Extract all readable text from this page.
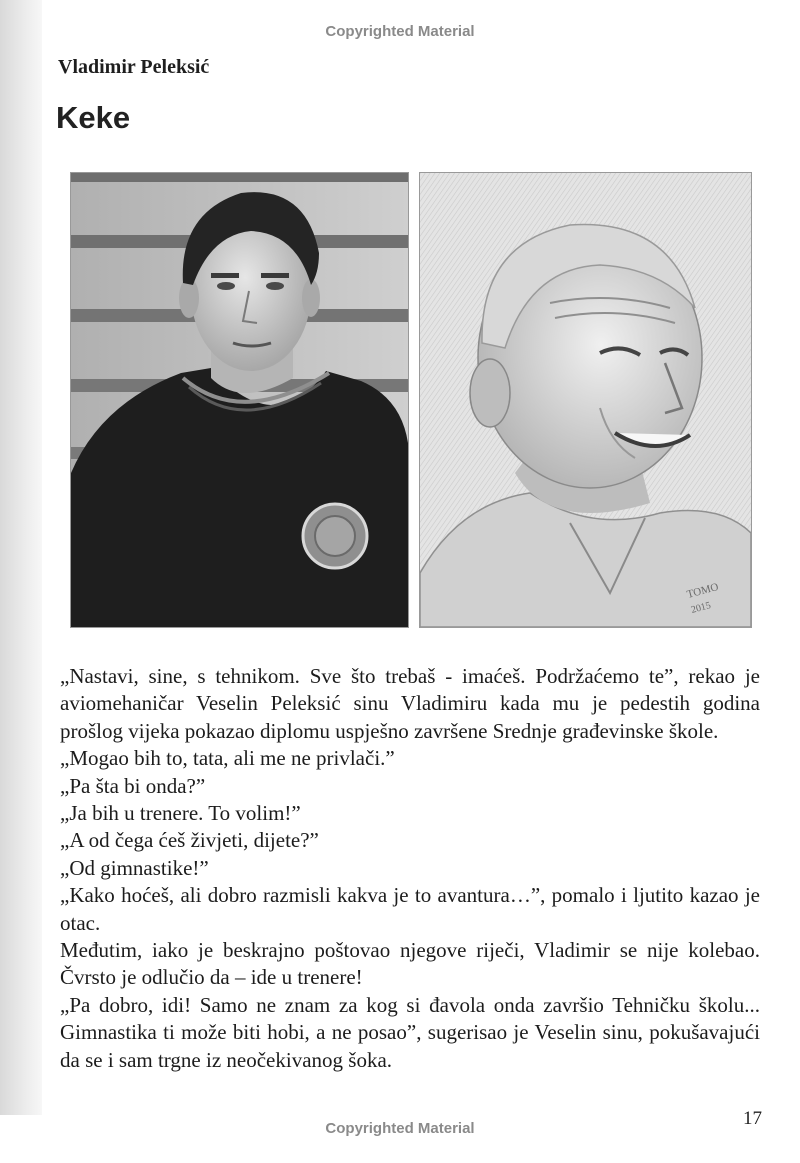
Copyrighted Material
Vladimir Peleksić
Keke
TOMO
2015

„Nastavi, sine, s tehnikom. Sve što trebaš - imaćeš. Podržaćemo te”, rekao je aviomehaničar Veselin Peleksić sinu Vladimiru kada mu je pedestih godina prošlog vijeka pokazao diplomu uspješno završene Srednje građevinske škole.

„Mogao bih to, tata, ali me ne privlači.”

„Pa šta bi onda?”

„Ja bih u trenere. To volim!”

„A od čega ćeš živjeti, dijete?”

„Od gimnastike!”

„Kako hoćeš, ali dobro razmisli kakva je to avantura…”, pomalo i ljutito kazao je otac.

Međutim, iako je beskrajno poštovao njegove riječi, Vladimir se nije kolebao. Čvrsto je odlučio da – ide u trenere!

„Pa dobro, idi! Samo ne znam za kog si đavola onda završio Tehničku školu... Gimnastika ti može biti hobi, a ne posao”, sugerisao je Veselin sinu, pokušavajući da se i sam trgne iz neočekivanog šoka.

17
Copyrighted Material
